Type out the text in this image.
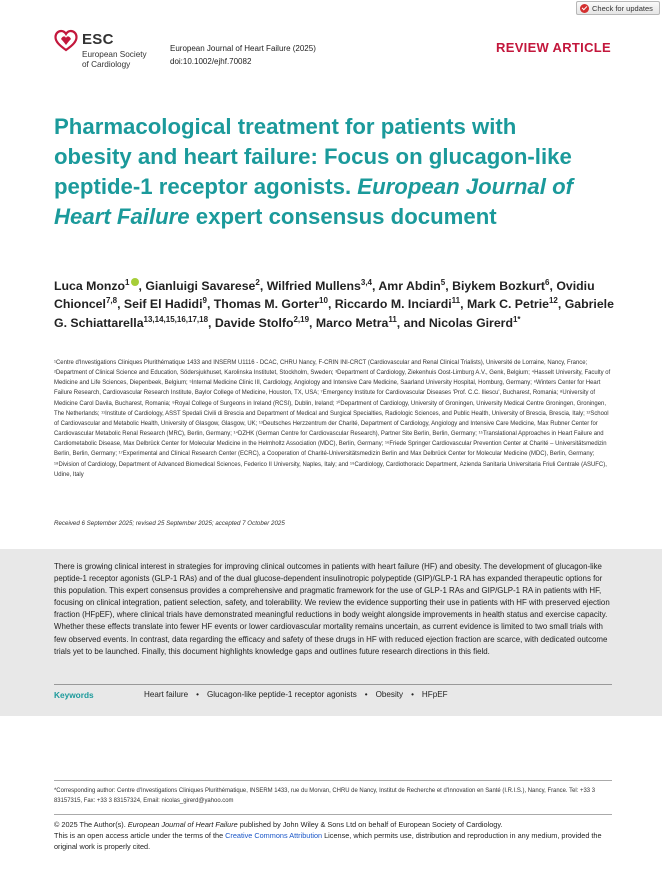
Check for updates
ESC
European Society
of Cardiology
European Journal of Heart Failure (2025)
doi:10.1002/ejhf.70082
REVIEW ARTICLE
Pharmacological treatment for patients with obesity and heart failure: Focus on glucagon-like peptide-1 receptor agonists. European Journal of Heart Failure expert consensus document
Luca Monzo$^1$ , Gianluigi Savarese$^2$, Wilfried Mullens$^{3,4}$, Amr Abdin$^5$, Biykem Bozkurt$^6$, Ovidiu Chioncel$^{7,8}$, Seif El Hadidi$^9$, Thomas M. Gorter$^{10}$, Riccardo M. Inciardi$^{11}$, Mark C. Petrie$^{12}$, Gabriele G. Schiattarella$^{13,14,15,16,17,18}$, Davide Stolfo$^{2,19}$, Marco Metra$^{11}$, and Nicolas Girerd$^{1*}$
¹Centre d'Investigations Cliniques Plurithématique 1433 and INSERM U1116 - DCAC, CHRU Nancy, F-CRIN INI-CRCT (Cardiovascular and Renal Clinical Trialists), Université de Lorraine, Nancy, France; ²Department of Clinical Science and Education, Södersjukhuset, Karolinska Institutet, Stockholm, Sweden; ³Department of Cardiology, Ziekenhuis Oost-Limburg A.V., Genk, Belgium; ⁴Hasselt University, Faculty of Medicine and Life Sciences, Diepenbeek, Belgium; ⁵Internal Medicine Clinic III, Cardiology, Angiology and Intensive Care Medicine, Saarland University Hospital, Homburg, Germany; ⁶Winters Center for Heart Failure Research, Cardiovascular Research Institute, Baylor College of Medicine, Houston, TX, USA; ⁷Emergency Institute for Cardiovascular Diseases 'Prof. C.C. Iliescu', Bucharest, Romania; ⁸University of Medicine Carol Davila, Bucharest, Romania; ⁹Royal College of Surgeons in Ireland (RCSI), Dublin, Ireland; ¹⁰Department of Cardiology, University of Groningen, University Medical Centre Groningen, Groningen, The Netherlands; ¹¹Institute of Cardiology, ASST Spedali Civili di Brescia and Department of Medical and Surgical Specialties, Radiologic Sciences, and Public Health, University of Brescia, Brescia, Italy; ¹²School of Cardiovascular and Metabolic Health, University of Glasgow, Glasgow, UK; ¹³Deutsches Herzzentrum der Charité, Department of Cardiology, Angiology and Intensive Care Medicine, Max Rubner Center for Cardiovascular Metabolic Renal Research (MRC), Berlin, Germany; ¹⁴DZHK (German Centre for Cardiovascular Research), Partner Site Berlin, Berlin, Germany; ¹⁵Translational Approaches in Heart Failure and Cardiometabolic Disease, Max Delbrück Center for Molecular Medicine in the Helmholtz Association (MDC), Berlin, Germany; ¹⁶Friede Springer Cardiovascular Prevention Center at Charité – Universitätsmedizin Berlin, Berlin, Germany; ¹⁷Experimental and Clinical Research Center (ECRC), a Cooperation of Charité-Universitätsmedizin Berlin and Max Delbrück Center for Molecular Medicine (MDC), Berlin, Germany; ¹⁸Division of Cardiology, Department of Advanced Biomedical Sciences, Federico II University, Naples, Italy; and ¹⁹Cardiology, Cardiothoracic Department, Azienda Sanitaria Universitaria Friuli Centrale (ASUFC), Udine, Italy
Received 6 September 2025; revised 25 September 2025; accepted 7 October 2025

There is growing clinical interest in strategies for improving clinical outcomes in patients with heart failure (HF) and obesity. The development of glucagon-like peptide-1 receptor agonists (GLP-1 RAs) and of the dual glucose-dependent insulinotropic polypeptide (GIP)/GLP-1 RA has expanded therapeutic options for this population. This expert consensus provides a comprehensive and pragmatic framework for the use of GLP-1 RAs and GIP/GLP-1 RA in patients with HF, focusing on clinical integration, patient selection, safety, and tolerability. We review the evidence supporting their use in patients with HF with preserved ejection fraction (HFpEF), where clinical trials have demonstrated meaningful reductions in body weight alongside improvements in health status and exercise capacity. Whether these effects translate into fewer HF events or lower cardiovascular mortality remains uncertain, as current evidence is limited to two small trials with few observed events. In contrast, data regarding the efficacy and safety of these drugs in HF with reduced ejection fraction are scarce, with dedicated outcome trials yet to be launched. Finally, this document highlights knowledge gaps and outlines future research directions in this field.

Keywords	Heart failure • Glucagon-like peptide-1 receptor agonists • Obesity • HFpEF
*Corresponding author: Centre d'Investigations Cliniques Plurithématique, INSERM 1433, rue du Morvan, CHRU de Nancy, Institut de Recherche et d'Innovation en Santé (I.R.I.S.), Nancy, France. Tel: +33 3 83157315, Fax: +33 3 83157324, Email: nicolas_girerd@yahoo.com
© 2025 The Author(s). European Journal of Heart Failure published by John Wiley & Sons Ltd on behalf of European Society of Cardiology.
This is an open access article under the terms of the Creative Commons Attribution License, which permits use, distribution and reproduction in any medium, provided the original work is properly cited.
